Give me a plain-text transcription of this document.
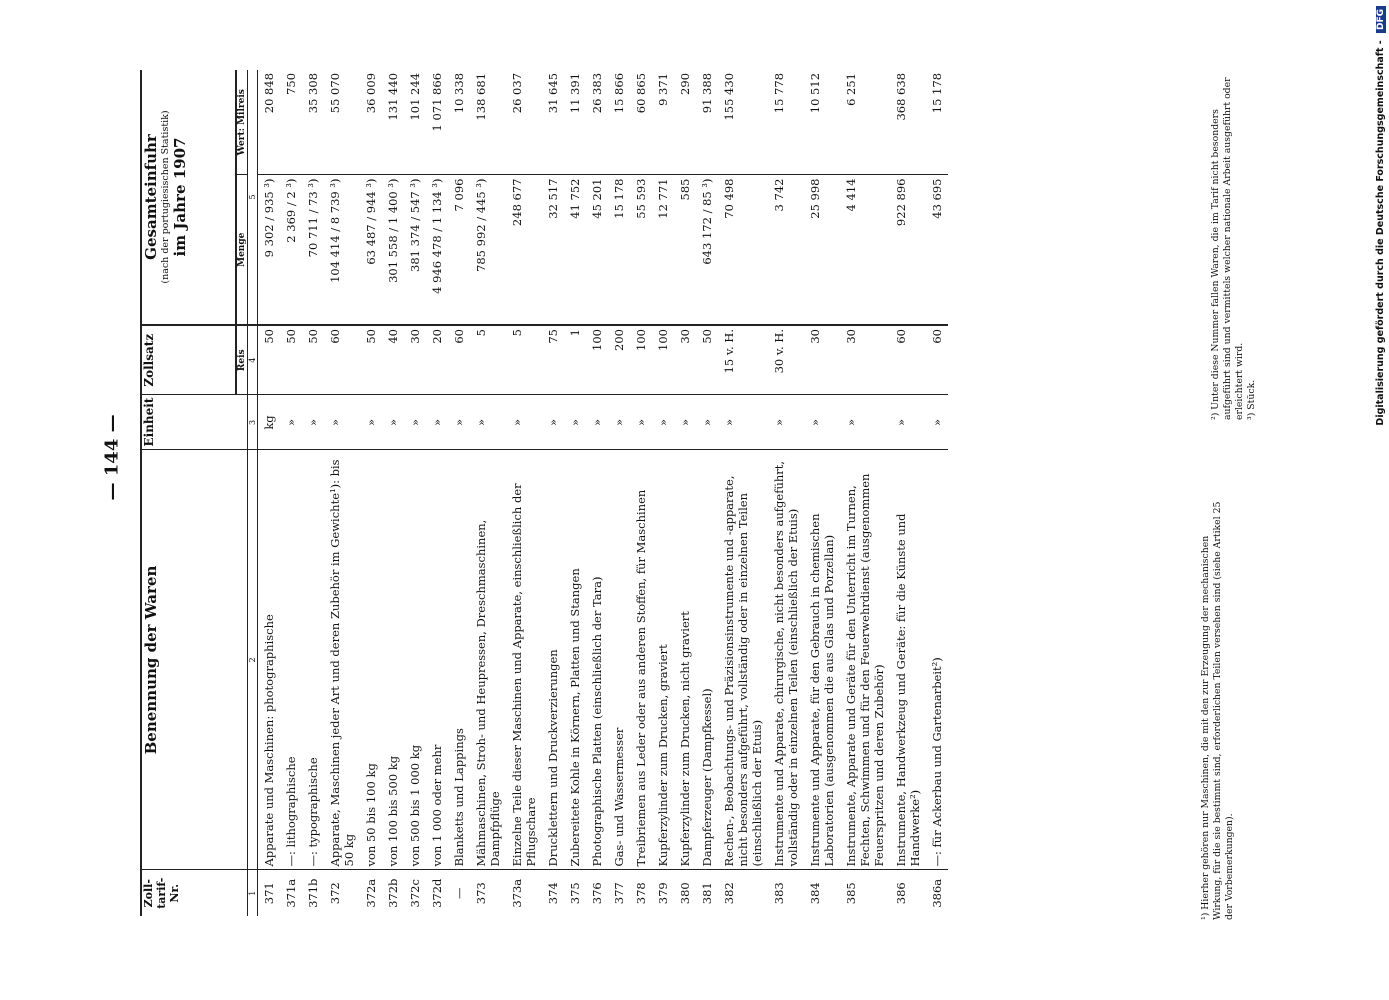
— 144 —
Digitalisierung gefördert durch die Deutsche Forschungsgemeinschaft - DFG
Zoll-tarif-Nr.	Benennung der Waren	Einheit	Zollsatz	Gesamteinfuhr (nach der portugiesischen Statistik) im Jahre 1907	

			Reis	Menge	Wert: Milreis
1	2	3	4	5	
371	Apparate und Maschinen: photographische	kg	50	9 302 / 935 ³)	20 848
371a	—: lithographische	»	50	2 369 / 2 ³)	750
371b	—: typographische	»	50	70 711 / 73 ³)	35 308
372	Apparate, Maschinen jeder Art und deren Zubehör im Gewichte¹): bis 50 kg	»	60	104 414 / 8 739 ³)	55 070
372a	von 50 bis 100 kg	»	50	63 487 / 944 ³)	36 009
372b	von 100 bis 500 kg	»	40	301 558 / 1 400 ³)	131 440
372c	von 500 bis 1 000 kg	»	30	381 374 / 547 ³)	101 244
372d	von 1 000 oder mehr	»	20	4 946 478 / 1 134 ³)	1 071 866
—	Blanketts und Lappings	»	60	7 096	10 338
373	Mähmaschinen, Stroh- und Heupressen, Dreschmaschinen, Dampfpflüge	»	5	785 992 / 445 ³)	138 681
373a	Einzelne Teile dieser Maschinen und Apparate, einschließlich der Pflugschare	»	5	248 677	26 037
374	Drucklettern und Druckverzierungen	»	75	32 517	31 645
375	Zubereitete Kohle in Körnern, Platten und Stangen	»	1	41 752	11 391
376	Photographische Platten (einschließlich der Tara)	»	100	45 201	26 383
377	Gas- und Wassermesser	»	200	15 178	15 866
378	Treibriemen aus Leder oder aus anderen Stoffen, für Maschinen	»	100	55 593	60 865
379	Kupferzylinder zum Drucken, graviert	»	100	12 771	9 371
380	Kupferzylinder zum Drucken, nicht graviert	»	30	585	290
381	Dampferzeuger (Dampfkessel)	»	50	643 172 / 85 ³)	91 388
382	Rechen-, Beobachtungs- und Präzisionsinstrumente und -apparate, nicht besonders aufgeführt, vollständig oder in einzelnen Teilen (einschließlich der Etuis)	»	15 v. H.	70 498	155 430
383	Instrumente und Apparate, chirurgische, nicht besonders aufgeführt, vollständig oder in einzelnen Teilen (einschließlich der Etuis)	»	30 v. H.	3 742	15 778
384	Instrumente und Apparate, für den Gebrauch in chemischen Laboratorien (ausgenommen die aus Glas und Porzellan)	»	30	25 998	10 512
385	Instrumente, Apparate und Geräte für den Unterricht im Turnen, Fechten, Schwimmen und für den Feuerwehrdienst (ausgenommen Feuerspritzen und deren Zubehör)	»	30	4 414	6 251
386	Instrumente, Handwerkzeug und Geräte: für die Künste und Handwerke²)	»	60	922 896	368 638
386a	—: für Ackerbau und Gartenarbeit²)	»	60	43 695	15 178
¹) Hierher gehören nur Maschinen, die mit den zur Erzeugung der mechanischen Wirkung, für die sie bestimmt sind, erforderlichen Teilen versehen sind (siehe Artikel 25 der Vorbemerkungen).
²) Unter diese Nummer fallen Waren, die im Tarif nicht besonders aufgeführt sind und vermittels welcher nationale Arbeit ausgeführt oder erleichtert wird. ³) Stück.
